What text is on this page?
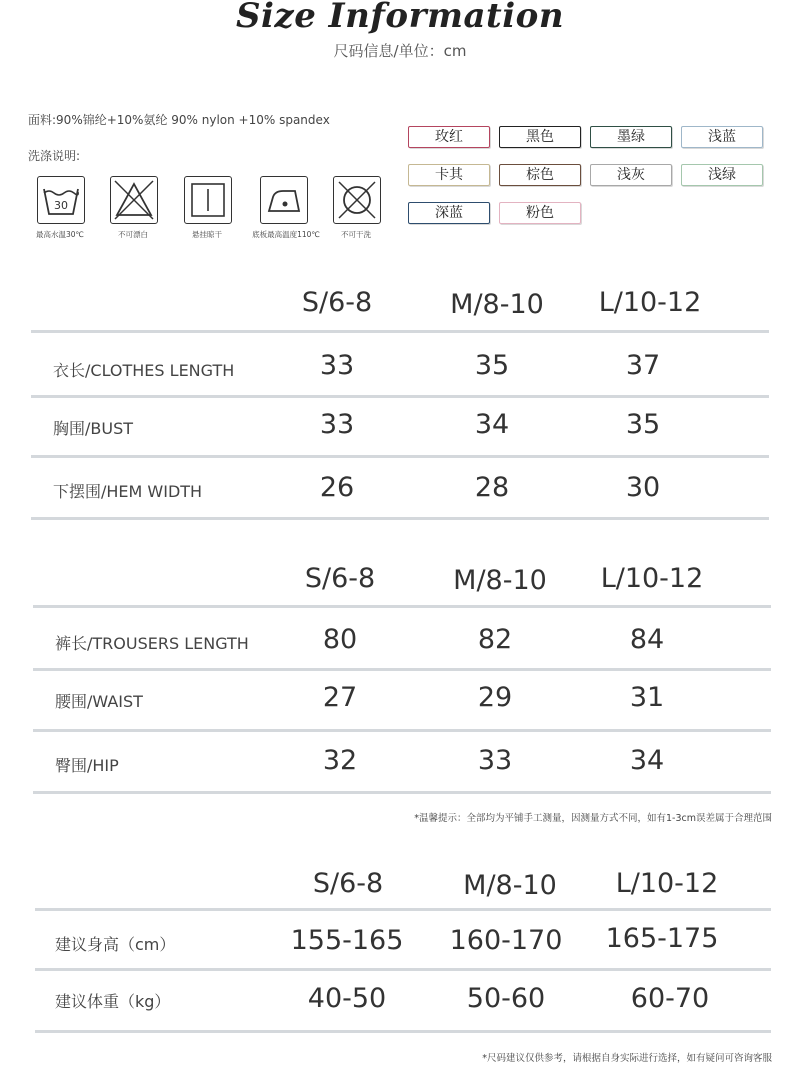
Size Information
尺码信息/单位：cm
面料:90%锦纶+10%氨纶 90% nylon +10% spandex
洗涤说明:
30
最高水温30℃	不可漂白	悬挂晾干	底板最高温度110℃	不可干洗
玫红	黑色	墨绿	浅蓝
卡其	棕色	浅灰	浅绿
深蓝	粉色
S/6-8	M/8-10	L/10-12
衣长/CLOTHES LENGTH	33	35	37
胸围/BUST	33	34	35
下摆围/HEM WIDTH	26	28	30
S/6-8	M/8-10	L/10-12
裤长/TROUSERS LENGTH	80	82	84
腰围/WAIST	27	29	31
臀围/HIP	32	33	34
*温馨提示：全部均为平铺手工测量，因测量方式不同，如有1-3cm误差属于合理范围
S/6-8	M/8-10	L/10-12
建议身高（cm）	155-165	160-170	165-175
建议体重（kg）	40-50	50-60	60-70
*尺码建议仅供参考，请根据自身实际进行选择，如有疑问可咨询客服
